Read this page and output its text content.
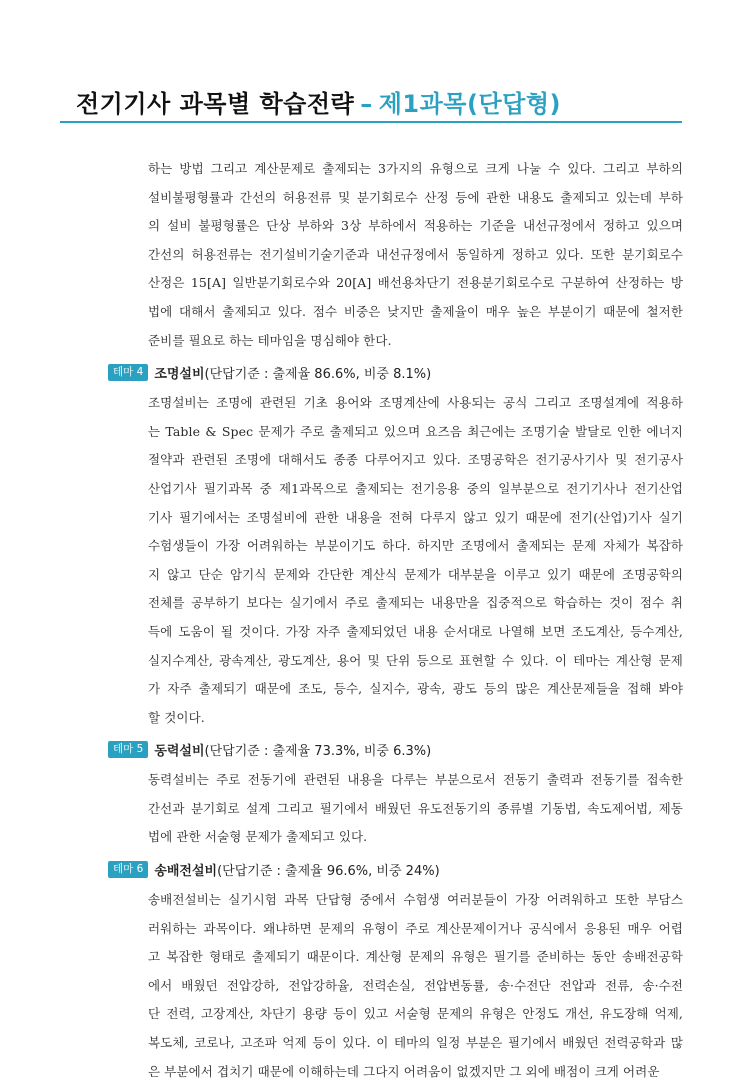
전기기사 과목별 학습전략 – 제1과목(단답형)

하는 방법 그리고 계산문제로 출제되는 3가지의 유형으로 크게 나눌 수 있다. 그리고 부하의
설비불평형률과 간선의 허용전류 및 분기회로수 산정 등에 관한 내용도 출제되고 있는데 부하
의 설비 불평형률은 단상 부하와 3상 부하에서 적용하는 기준을 내선규정에서 정하고 있으며
간선의 허용전류는 전기설비기술기준과 내선규정에서 동일하게 정하고 있다. 또한 분기회로수
산정은 15[A] 일반분기회로수와 20[A] 배선용차단기 전용분기회로수로 구분하여 산정하는 방
법에 대해서 출제되고 있다. 점수 비중은 낮지만 출제율이 매우 높은 부분이기 때문에 철저한
준비를 필요로 하는 테마임을 명심해야 한다.

테마 4 조명설비 (단답기준 : 출제율 86.6%, 비중 8.1%)

조명설비는 조명에 관련된 기초 용어와 조명계산에 사용되는 공식 그리고 조명설계에 적용하
는 Table & Spec 문제가 주로 출제되고 있으며 요즈음 최근에는 조명기술 발달로 인한 에너지
절약과 관련된 조명에 대해서도 종종 다루어지고 있다. 조명공학은 전기공사기사 및 전기공사
산업기사 필기과목 중 제1과목으로 출제되는 전기응용 중의 일부분으로 전기기사나 전기산업
기사 필기에서는 조명설비에 관한 내용을 전혀 다루지 않고 있기 때문에 전기(산업)기사 실기
수험생들이 가장 어려워하는 부분이기도 하다. 하지만 조명에서 출제되는 문제 자체가 복잡하
지 않고 단순 암기식 문제와 간단한 계산식 문제가 대부분을 이루고 있기 때문에 조명공학의
전체를 공부하기 보다는 실기에서 주로 출제되는 내용만을 집중적으로 학습하는 것이 점수 취
득에 도움이 될 것이다. 가장 자주 출제되었던 내용 순서대로 나열해 보면 조도계산, 등수계산,
실지수계산, 광속계산, 광도계산, 용어 및 단위 등으로 표현할 수 있다. 이 테마는 계산형 문제
가 자주 출제되기 때문에 조도, 등수, 실지수, 광속, 광도 등의 많은 계산문제들을 접해 봐야
할 것이다.

테마 5 동력설비 (단답기준 : 출제율 73.3%, 비중 6.3%)

동력설비는 주로 전동기에 관련된 내용을 다루는 부분으로서 전동기 출력과 전동기를 접속한
간선과 분기회로 설계 그리고 필기에서 배웠던 유도전동기의 종류별 기동법, 속도제어법, 제동
법에 관한 서술형 문제가 출제되고 있다.

테마 6 송배전설비 (단답기준 : 출제율 96.6%, 비중 24%)

송배전설비는 실기시험 과목 단답형 중에서 수험생 여러분들이 가장 어려워하고 또한 부담스
러워하는 과목이다. 왜냐하면 문제의 유형이 주로 계산문제이거나 공식에서 응용된 매우 어렵
고 복잡한 형태로 출제되기 때문이다. 계산형 문제의 유형은 필기를 준비하는 동안 송배전공학
에서 배웠던 전압강하, 전압강하율, 전력손실, 전압변동률, 송·수전단 전압과 전류, 송·수전
단 전력, 고장계산, 차단기 용량 등이 있고 서술형 문제의 유형은 안정도 개선, 유도장해 억제,
복도체, 코로나, 고조파 억제 등이 있다. 이 테마의 일정 부분은 필기에서 배웠던 전력공학과 많
은 부분에서 겹치기 때문에 이해하는데 그다지 어려움이 없겠지만 그 외에 배점이 크게 어려운
